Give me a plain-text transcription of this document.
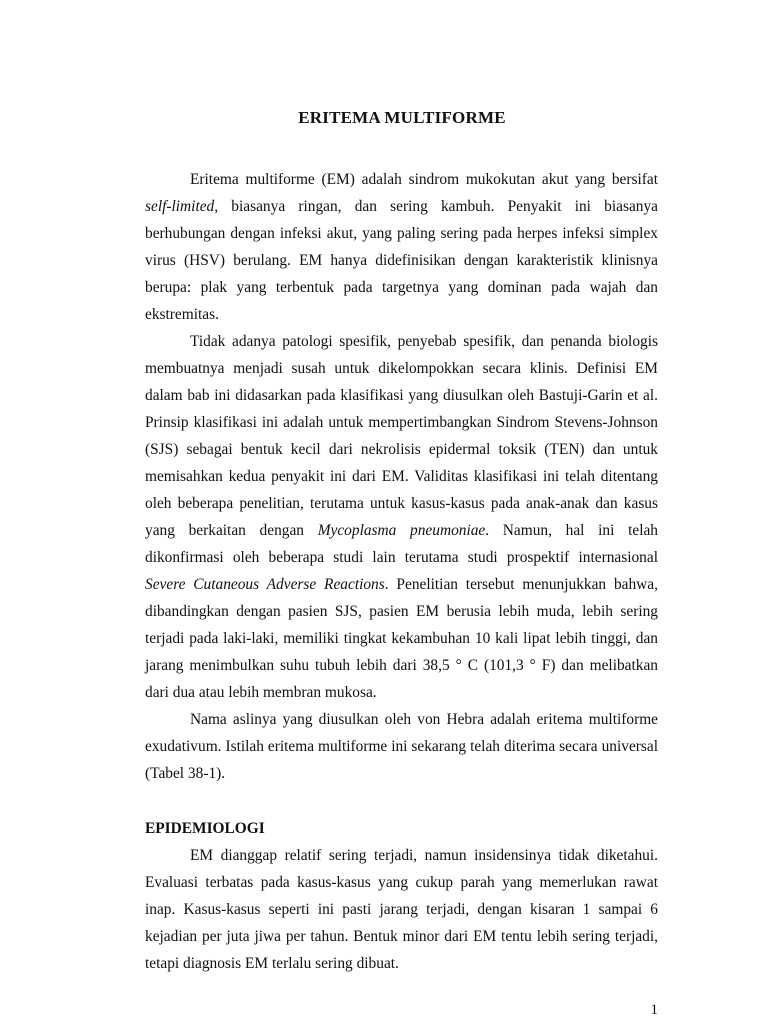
ERITEMA MULTIFORME

Eritema multiforme (EM) adalah sindrom mukokutan akut yang bersifat self-limited, biasanya ringan, dan sering kambuh. Penyakit ini biasanya berhubungan dengan infeksi akut, yang paling sering pada herpes infeksi simplex virus (HSV) berulang. EM hanya didefinisikan dengan karakteristik klinisnya berupa: plak yang terbentuk pada targetnya yang dominan pada wajah dan ekstremitas.

Tidak adanya patologi spesifik, penyebab spesifik, dan penanda biologis membuatnya menjadi susah untuk dikelompokkan secara klinis. Definisi EM dalam bab ini didasarkan pada klasifikasi yang diusulkan oleh Bastuji-Garin et al. Prinsip klasifikasi ini adalah untuk mempertimbangkan Sindrom Stevens-Johnson (SJS) sebagai bentuk kecil dari nekrolisis epidermal toksik (TEN) dan untuk memisahkan kedua penyakit ini dari EM. Validitas klasifikasi ini telah ditentang oleh beberapa penelitian, terutama untuk kasus-kasus pada anak-anak dan kasus yang berkaitan dengan Mycoplasma pneumoniae. Namun, hal ini telah dikonfirmasi oleh beberapa studi lain terutama studi prospektif internasional Severe Cutaneous Adverse Reactions. Penelitian tersebut menunjukkan bahwa, dibandingkan dengan pasien SJS, pasien EM berusia lebih muda, lebih sering terjadi pada laki-laki, memiliki tingkat kekambuhan 10 kali lipat lebih tinggi, dan jarang menimbulkan suhu tubuh lebih dari 38,5 ° C (101,3 ° F) dan melibatkan dari dua atau lebih membran mukosa.

Nama aslinya yang diusulkan oleh von Hebra adalah eritema multiforme exudativum. Istilah eritema multiforme ini sekarang telah diterima secara universal (Tabel 38-1).

EPIDEMIOLOGI

EM dianggap relatif sering terjadi, namun insidensinya tidak diketahui. Evaluasi terbatas pada kasus-kasus yang cukup parah yang memerlukan rawat inap. Kasus-kasus seperti ini pasti jarang terjadi, dengan kisaran 1 sampai 6 kejadian per juta jiwa per tahun. Bentuk minor dari EM tentu lebih sering terjadi, tetapi diagnosis EM terlalu sering dibuat.

1
